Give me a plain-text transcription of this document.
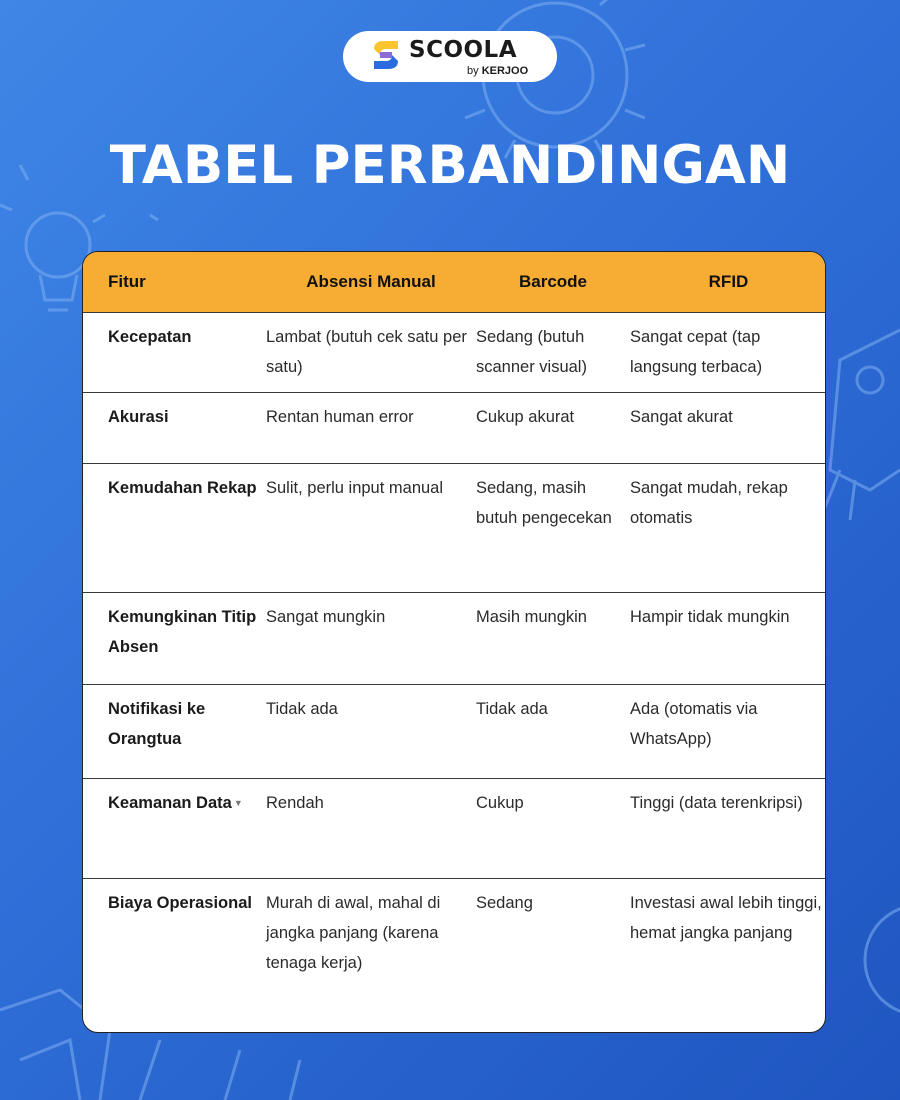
SCOOLA
by KERJOO
TABEL PERBANDINGAN
Fitur	Absensi Manual	Barcode	RFID
Kecepatan	Lambat (butuh cek satu per satu)	Sedang (butuh scanner visual)	Sangat cepat (tap langsung terbaca)
Akurasi	Rentan human error	Cukup akurat	Sangat akurat
Kemudahan Rekap	Sulit, perlu input manual	Sedang, masih butuh pengecekan	Sangat mudah, rekap otomatis
Kemungkinan Titip Absen	Sangat mungkin	Masih mungkin	Hampir tidak mungkin
Notifikasi ke Orangtua	Tidak ada	Tidak ada	Ada (otomatis via WhatsApp)
Keamanan Data ▼	Rendah	Cukup	Tinggi (data terenkripsi)
Biaya Operasional	Murah di awal, mahal di jangka panjang (karena tenaga kerja)	Sedang	Investasi awal lebih tinggi, hemat jangka panjang
